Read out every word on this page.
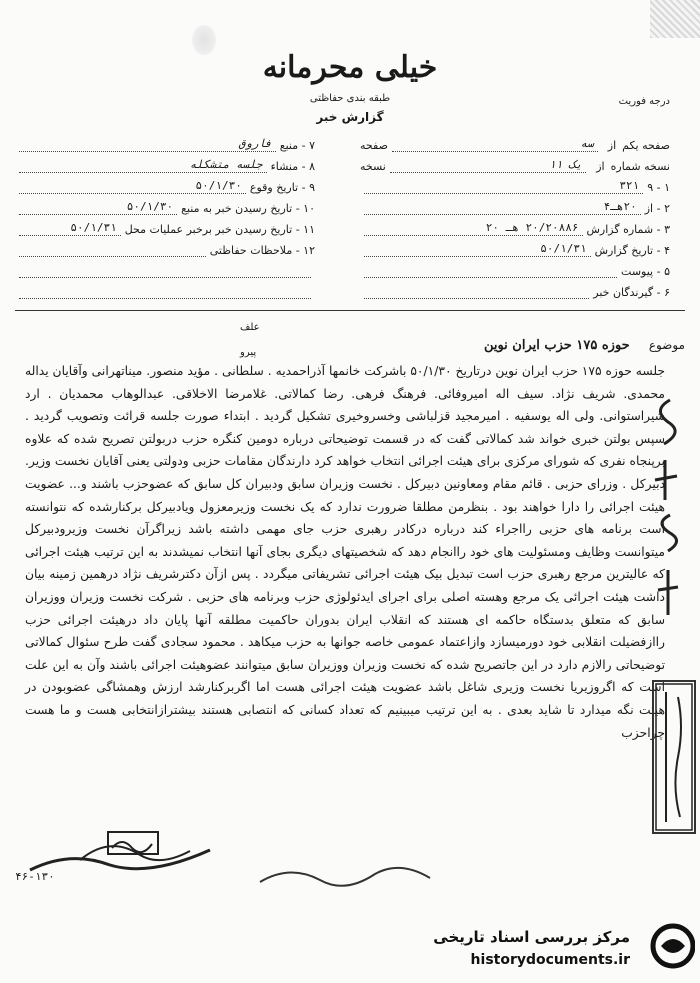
خیلی محرمانه
طبقه بندی حفاظتی
گزارش خبر
درجه فوریت
صفحه یکم
از
سه
صفحه
نسخه شماره
از
یک ۱۱
نسخه
۱ - ۹
۳۲۱
۲ - از
۲۰هـ۴
۳ - شماره گزارش
۲۰/۲۰۸۸۶ هـ ۲۰
۴ - تاریخ گزارش
۵۰/۱/۳۱
۵ - پیوست
۶ - گیرندگان خبر
۷ - منبع
فاروق
۸ - منشاء
جلسه متشکله
۹ - تاریخ وقوع
۵۰/۱/۳۰
۱۰ - تاریخ رسیدن خبر به منبع
۵۰/۱/۳۰
۱۱ - تاریخ رسیدن خبر برخبر عملیات محل
۵۰/۱/۳۱
۱۲ - ملاحظات حفاظتی
علف
پیرو
موضوع     حوزه ۱۷۵ حزب ایران نوین

جلسه حوزه ۱۷۵ حزب ایران نوین درتاریخ ۵۰/۱/۳۰ باشرکت خانمها آذراحمدیه . سلطانی . مؤید منصور. میناتهرانی وآقایان یداله محمدی. شریف نژاد. سیف اله امیروفائی. فرهنگ فرهی. رضا کمالاتی. غلامرضا الاخلاقی. عبدالوهاب محمدیان . ارد شیراستوانی. ولی اله یوسفیه . امیرمجید قزلباشی وخسروخیری تشکیل گردید . ابتداء صورت جلسه قرائت وتصویب گردید . سپس بولتن خبری خواند شد کمالاتی گفت که در قسمت توضیحاتی درباره دومین کنگره حزب دربولتن تصریح شده که علاوه برپنجاه نفری که شورای مرکزی برای هیئت اجرائی انتخاب خواهد کرد دارندگان مقامات حزبی ودولتی یعنی آقایان نخست وزیر. دبیرکل . وزرای حزبی . قائم مقام ومعاونین دبیرکل . نخست وزیران سابق ودبیران کل سابق که عضوحزب باشند و... عضویت هیئت اجرائی را دارا خواهند بود . بنظرمن مطلقا ضرورت ندارد که یک نخست وزیرمعزول ویادبیرکل برکنارشده که نتوانسته است برنامه های حزبی رااجراء کند درباره درکادر رهبری حزب جای مهمی داشته باشد زیراگرآن نخست وزیرودبیرکل میتوانست وظایف ومسئولیت های خود راانجام دهد که شخصیتهای دیگری بجای آنها انتخاب نمیشدند به این ترتیب هیئت اجرائی که عالیترین مرجع رهبری حزب است تبدیل بیک هیئت اجرائی تشریفاتی میگردد . پس ازآن دکترشریف نژاد درهمین زمینه بیان داشت هیئت اجرائی یک مرجع وهسته اصلی برای اجرای ایدئولوژی حزب وبرنامه های حزبی . شرکت نخست وزیران ووزیران سابق که متعلق بدستگاه حاکمه ای هستند که انقلاب ایران بدوران حاکمیت مطلقه آنها پایان داد درهیئت اجرائی حزب راازفضیلت انقلابی خود دورمیسازد وازاعتماد عمومی خاصه جوانها به حزب میکاهد . محمود سجادی گفت طرح سئوال کمالاتی توضیحاتی رالازم دارد در این جاتصریح شده که نخست وزیران ووزیران سابق میتوانند عضوهیئت اجرائی باشند وآن به این علت است که اگروزیریا نخست وزیری شاغل باشد عضویت هیئت اجرائی هست اما اگربرکنارشد ارزش وهمشاگی عضوبودن در هیئت نگه میدارد تا شاید بعدی . به این ترتیب میبینیم که تعداد کسانی که انتصابی هستند بیشترازانتخابی هست و ما هست چراحزب

۴۶-۱۳۰
مرکز بررسی اسناد تاریخی
historydocuments.ir
